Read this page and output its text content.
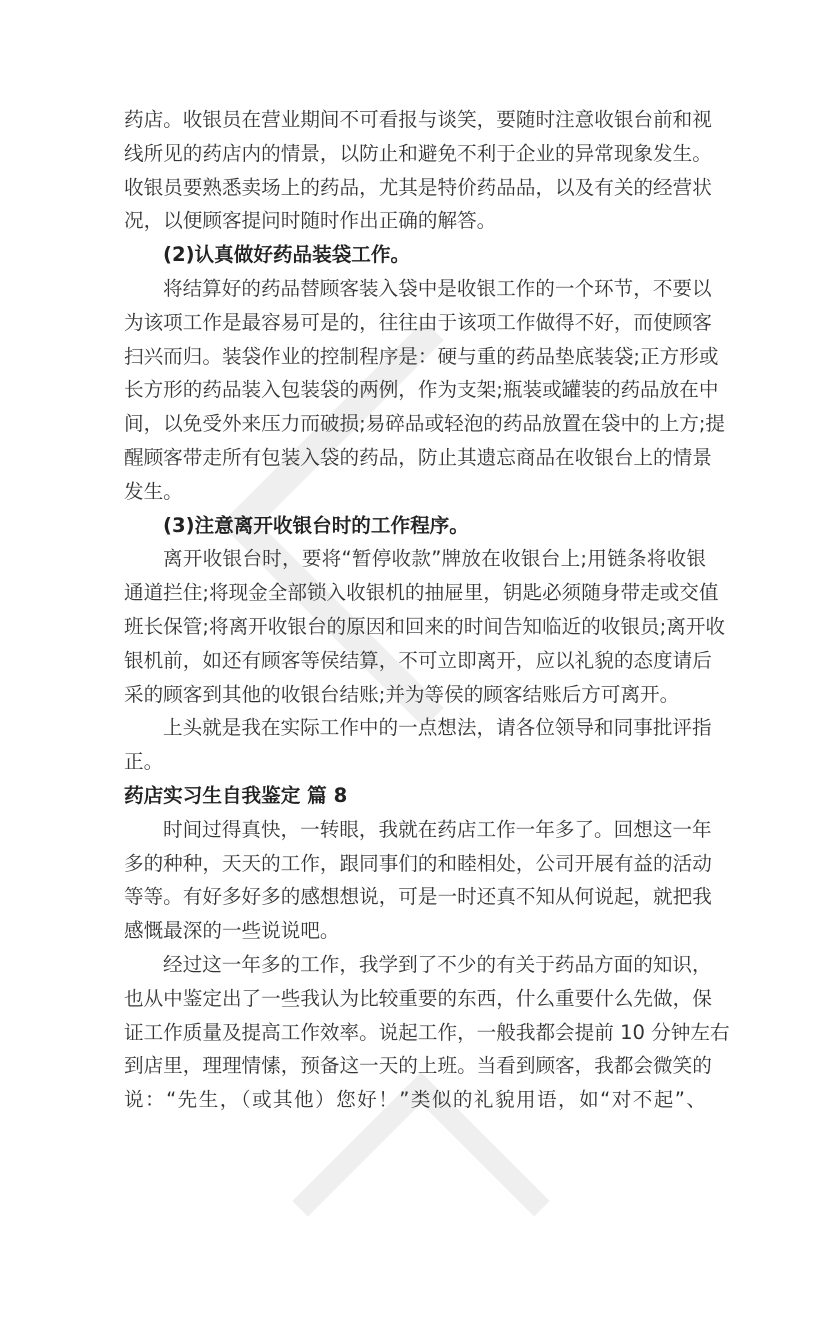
药店。收银员在营业期间不可看报与谈笑，要随时注意收银台前和视
线所见的药店内的情景，以防止和避免不利于企业的异常现象发生。
收银员要熟悉卖场上的药品，尤其是特价药品品，以及有关的经营状
况，以便顾客提问时随时作出正确的解答。
(2)认真做好药品装袋工作。
将结算好的药品替顾客装入袋中是收银工作的一个环节，不要以
为该项工作是最容易可是的，往往由于该项工作做得不好，而使顾客
扫兴而归。装袋作业的控制程序是：硬与重的药品垫底装袋;正方形或
长方形的药品装入包装袋的两例，作为支架;瓶装或罐装的药品放在中
间，以免受外来压力而破损;易碎品或轻泡的药品放置在袋中的上方;提
醒顾客带走所有包装入袋的药品，防止其遗忘商品在收银台上的情景
发生。
(3)注意离开收银台时的工作程序。
离开收银台时，要将“暂停收款”牌放在收银台上;用链条将收银
通道拦住;将现金全部锁入收银机的抽屉里，钥匙必须随身带走或交值
班长保管;将离开收银台的原因和回来的时间告知临近的收银员;离开收
银机前，如还有顾客等侯结算，不可立即离开，应以礼貌的态度请后
采的顾客到其他的收银台结账;并为等侯的顾客结账后方可离开。
上头就是我在实际工作中的一点想法，请各位领导和同事批评指
正。
药店实习生自我鉴定 篇 8
时间过得真快，一转眼，我就在药店工作一年多了。回想这一年
多的种种，天天的工作，跟同事们的和睦相处，公司开展有益的活动
等等。有好多好多的感想想说，可是一时还真不知从何说起，就把我
感慨最深的一些说说吧。
经过这一年多的工作，我学到了不少的有关于药品方面的知识，
也从中鉴定出了一些我认为比较重要的东西，什么重要什么先做，保
证工作质量及提高工作效率。说起工作，一般我都会提前 10 分钟左右
到店里，理理情愫，预备这一天的上班。当看到顾客，我都会微笑的
说：“先生，（或其他）您好！”类似的礼貌用语，如“对不起”、
